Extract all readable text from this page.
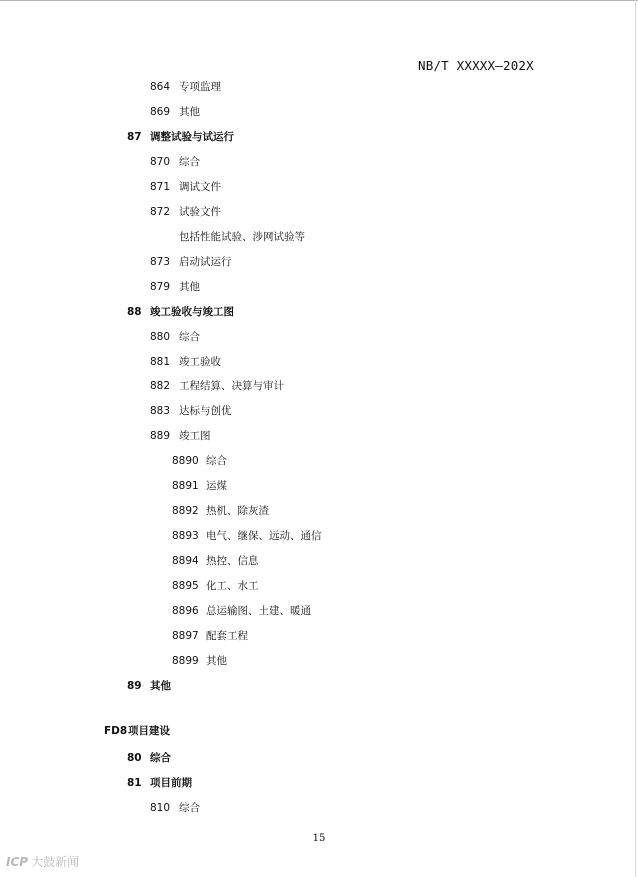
NB/T XXXXX—202X
864 专项监理
869 其他
87 调整试验与试运行
870 综合
871 调试文件
872 试验文件
包括性能试验、涉网试验等
873 启动试运行
879 其他
88 竣工验收与竣工图
880 综合
881 竣工验收
882 工程结算、决算与审计
883 达标与创优
889 竣工图
8890 综合
8891 运煤
8892 热机、除灰渣
8893 电气、继保、远动、通信
8894 热控、信息
8895 化工、水工
8896 总运输图、土建、暖通
8897 配套工程
8899 其他
89 其他
FD8项目建设
80 综合
81 项目前期
810 综合
15
ICP 大鼓新闻
